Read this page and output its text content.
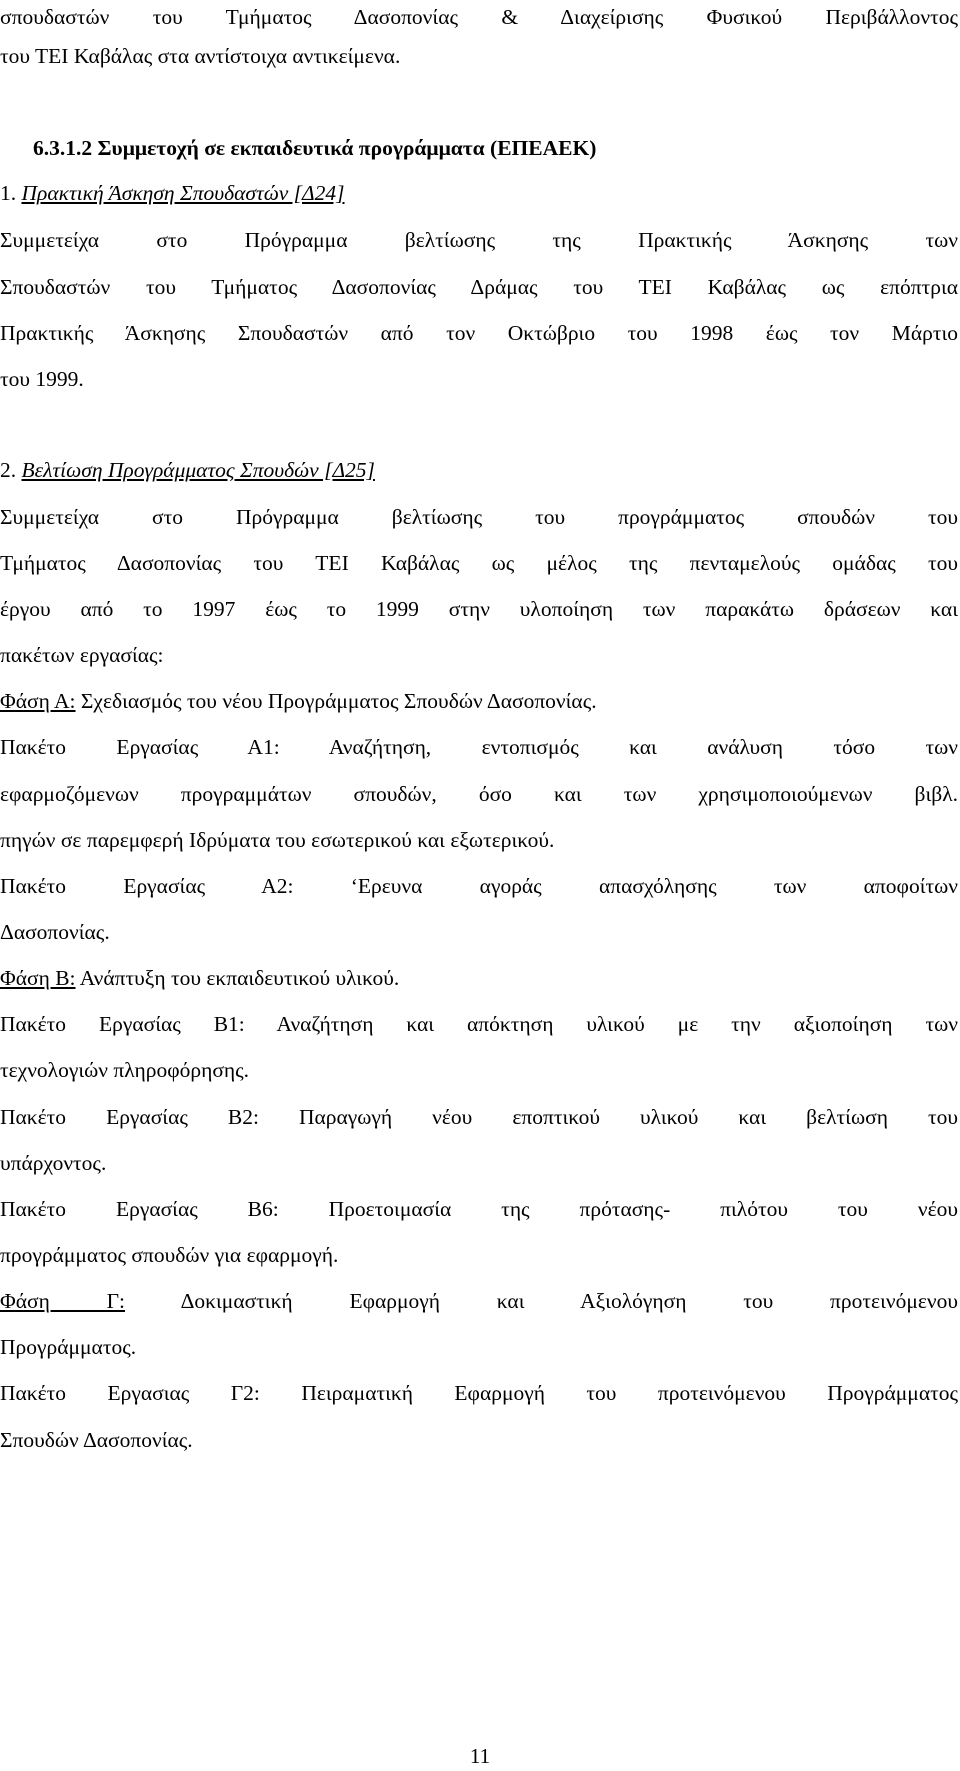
σπουδαστών του Τμήματος Δασοπονίας & Διαχείρισης Φυσικού Περιβάλλοντος
του ΤΕΙ Καβάλας στα αντίστοιχα αντικείμενα.
6.3.1.2 Συμμετοχή σε εκπαιδευτικά προγράμματα (ΕΠΕΑΕΚ)
1. Πρακτική Άσκηση Σπουδαστών [Δ24]
Συμμετείχα στο Πρόγραμμα βελτίωσης της Πρακτικής Άσκησης των
Σπουδαστών του Τμήματος Δασοπονίας Δράμας του ΤΕΙ Καβάλας ως επόπτρια
Πρακτικής Άσκησης Σπουδαστών από τον Οκτώβριο του 1998 έως τον Μάρτιο
του 1999.
2. Βελτίωση Προγράμματος Σπουδών [Δ25]
Συμμετείχα στο Πρόγραμμα βελτίωσης του προγράμματος σπουδών του
Τμήματος Δασοπονίας του ΤΕΙ Καβάλας ως μέλος της πενταμελούς ομάδας του
έργου από το 1997 έως το 1999 στην υλοποίηση των παρακάτω δράσεων και
πακέτων εργασίας:
Φάση Α: Σχεδιασμός του νέου Προγράμματος Σπουδών Δασοπονίας.
Πακέτο Εργασίας Α1: Αναζήτηση, εντοπισμός και ανάλυση τόσο των
εφαρμοζόμενων προγραμμάτων σπουδών, όσο και των χρησιμοποιούμενων βιβλ.
πηγών σε παρεμφερή Ιδρύματα του εσωτερικού και εξωτερικού.
Πακέτο Εργασίας Α2: ‘Ερευνα αγοράς απασχόλησης των αποφοίτων
Δασοπονίας.
Φάση Β: Ανάπτυξη του εκπαιδευτικού υλικού.
Πακέτο Εργασίας Β1: Αναζήτηση και απόκτηση υλικού με την αξιοποίηση των
τεχνολογιών πληροφόρησης.
Πακέτο Εργασίας Β2: Παραγωγή νέου εποπτικού υλικού και βελτίωση του
υπάρχοντος.
Πακέτο Εργασίας Β6: Προετοιμασία της πρότασης- πιλότου του νέου
προγράμματος σπουδών για εφαρμογή.
Φάση Γ: Δοκιμαστική Εφαρμογή και Αξιολόγηση του προτεινόμενου
Προγράμματος.
Πακέτο Εργασιας Γ2: Πειραματική Εφαρμογή του προτεινόμενου Προγράμματος
Σπουδών Δασοπονίας.
11
